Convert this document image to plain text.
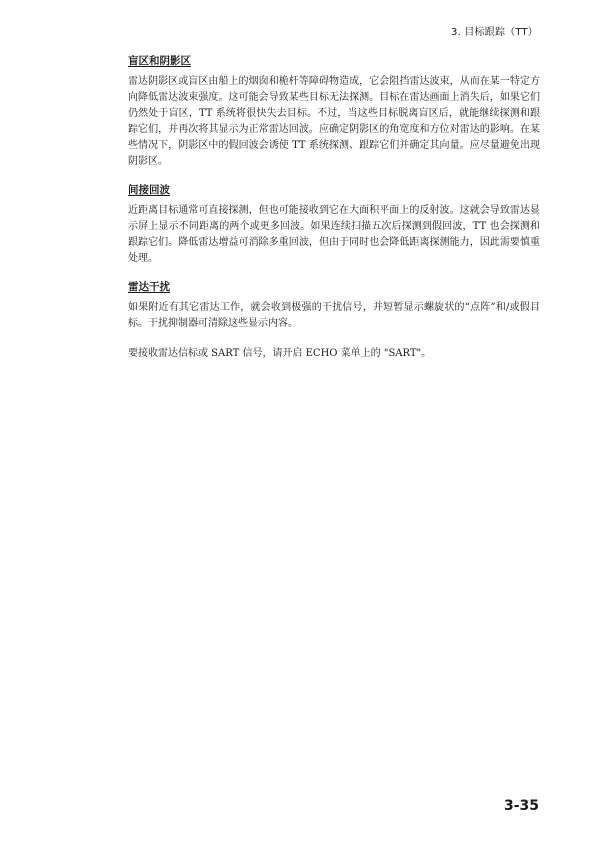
3. 目标跟踪（TT）
盲区和阴影区

雷达阴影区或盲区由船上的烟囱和桅杆等障碍物造成，它会阻挡雷达波束，从而在某一特定方向降低雷达波束强度。这可能会导致某些目标无法探测。目标在雷达画面上消失后，如果它们仍然处于盲区，TT 系统将很快失去目标。不过，当这些目标脱离盲区后，就能继续探测和跟踪它们，并再次将其显示为正常雷达回波。应确定阴影区的角宽度和方位对雷达的影响。在某些情况下，阴影区中的假回波会诱使 TT 系统探测、跟踪它们并确定其向量。应尽量避免出现阴影区。

间接回波

近距离目标通常可直接探测，但也可能接收到它在大面积平面上的反射波。这就会导致雷达显示屏上显示不同距离的两个或更多回波。如果连续扫描五次后探测到假回波，TT 也会探测和跟踪它们。降低雷达增益可消除多重回波，但由于同时也会降低距离探测能力，因此需要慎重处理。

雷达干扰

如果附近有其它雷达工作，就会收到极强的干扰信号，并短暂显示螺旋状的“点阵”和/或假目标。干扰抑制器可清除这些显示内容。

要接收雷达信标或 SART 信号，请开启 ECHO 菜单上的 "SART"。

3-35
